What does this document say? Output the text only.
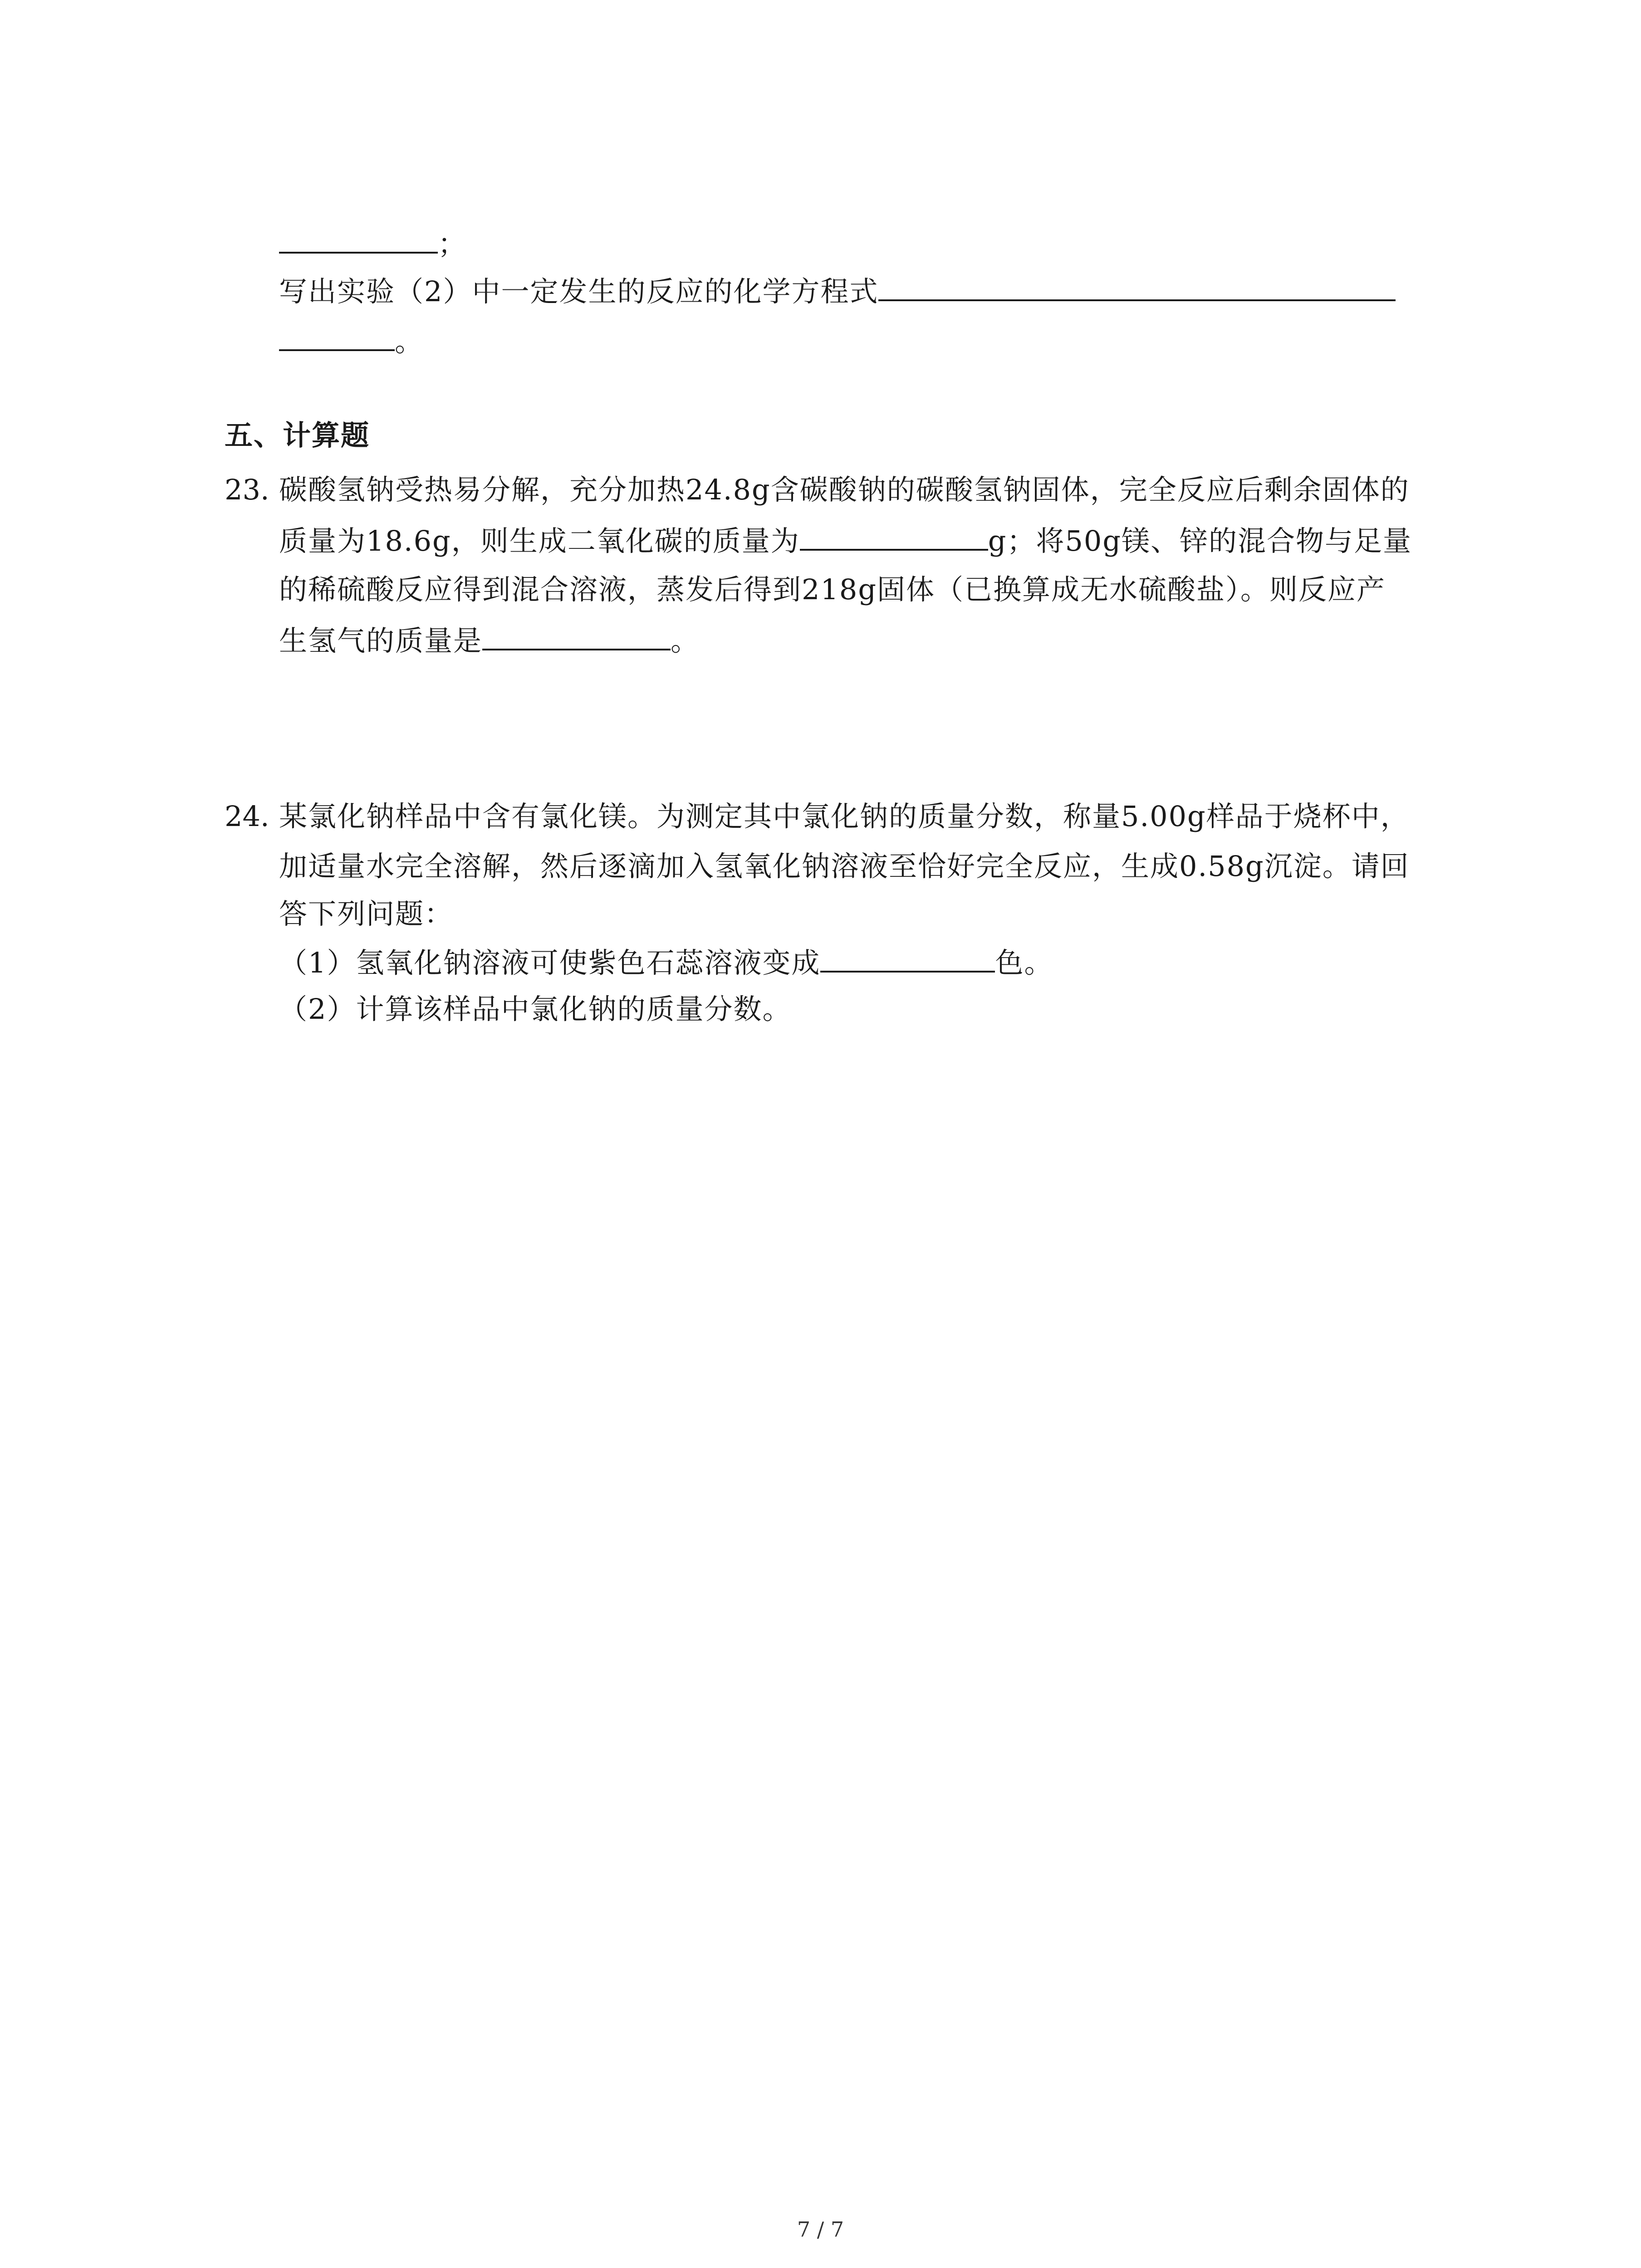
；
写出实验（2）中一定发生的反应的化学方程式
。
五、计算题
23. 碳酸氢钠受热易分解，充分加热24.8g含碳酸钠的碳酸氢钠固体，完全反应后剩余固体的
质量为18.6g，则生成二氧化碳的质量为	g；将50g镁、锌的混合物与足量
的稀硫酸反应得到混合溶液，蒸发后得到218g固体（已换算成无水硫酸盐）。则反应产
生氢气的质量是	。
24. 某氯化钠样品中含有氯化镁。为测定其中氯化钠的质量分数，称量5.00g样品于烧杯中，
加适量水完全溶解，然后逐滴加入氢氧化钠溶液至恰好完全反应，生成0.58g沉淀。请回
答下列问题：
（1）氢氧化钠溶液可使紫色石蕊溶液变成	色。
（2）计算该样品中氯化钠的质量分数。
7 / 7
